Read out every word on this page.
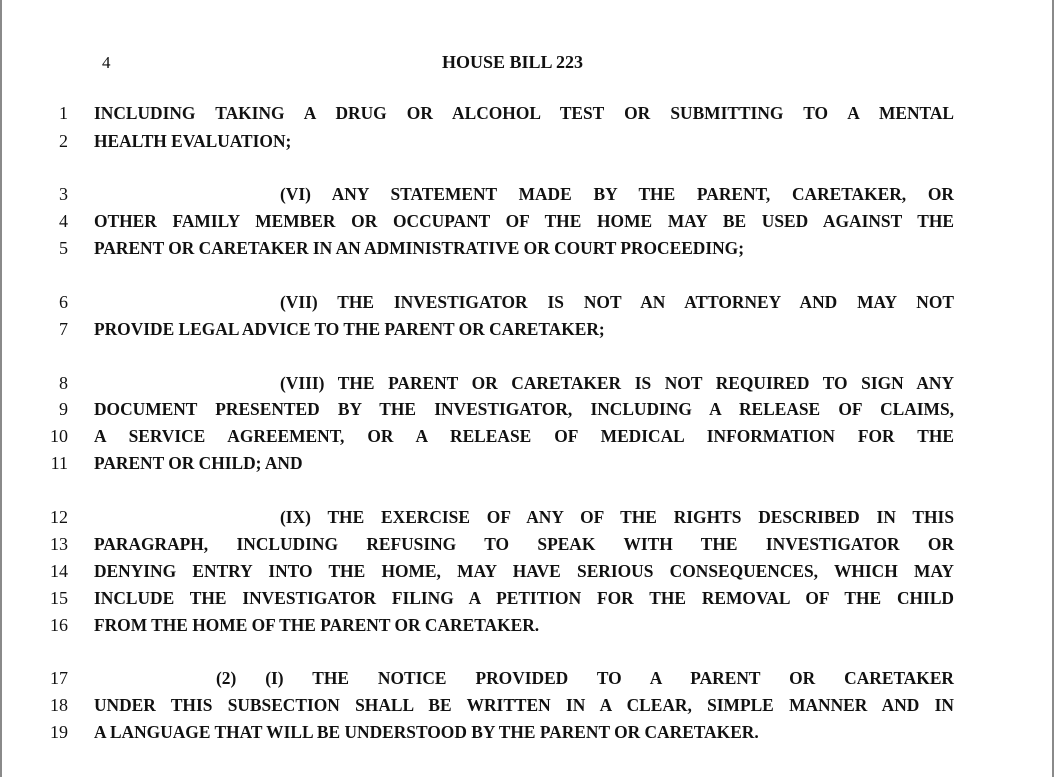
4	HOUSE BILL 223
1 INCLUDING TAKING A DRUG OR ALCOHOL TEST OR SUBMITTING TO A MENTAL
2 HEALTH EVALUATION;
3	(VI) ANY STATEMENT MADE BY THE PARENT, CARETAKER, OR
4 OTHER FAMILY MEMBER OR OCCUPANT OF THE HOME MAY BE USED AGAINST THE
5 PARENT OR CARETAKER IN AN ADMINISTRATIVE OR COURT PROCEEDING;
6	(VII) THE INVESTIGATOR IS NOT AN ATTORNEY AND MAY NOT
7 PROVIDE LEGAL ADVICE TO THE PARENT OR CARETAKER;
8	(VIII) THE PARENT OR CARETAKER IS NOT REQUIRED TO SIGN ANY
9 DOCUMENT PRESENTED BY THE INVESTIGATOR, INCLUDING A RELEASE OF CLAIMS,
10 A SERVICE AGREEMENT, OR A RELEASE OF MEDICAL INFORMATION FOR THE
11 PARENT OR CHILD; AND
12	(IX) THE EXERCISE OF ANY OF THE RIGHTS DESCRIBED IN THIS
13 PARAGRAPH, INCLUDING REFUSING TO SPEAK WITH THE INVESTIGATOR OR
14 DENYING ENTRY INTO THE HOME, MAY HAVE SERIOUS CONSEQUENCES, WHICH MAY
15 INCLUDE THE INVESTIGATOR FILING A PETITION FOR THE REMOVAL OF THE CHILD
16 FROM THE HOME OF THE PARENT OR CARETAKER.
17	(2) (I) THE NOTICE PROVIDED TO A PARENT OR CARETAKER
18 UNDER THIS SUBSECTION SHALL BE WRITTEN IN A CLEAR, SIMPLE MANNER AND IN
19 A LANGUAGE THAT WILL BE UNDERSTOOD BY THE PARENT OR CARETAKER.
